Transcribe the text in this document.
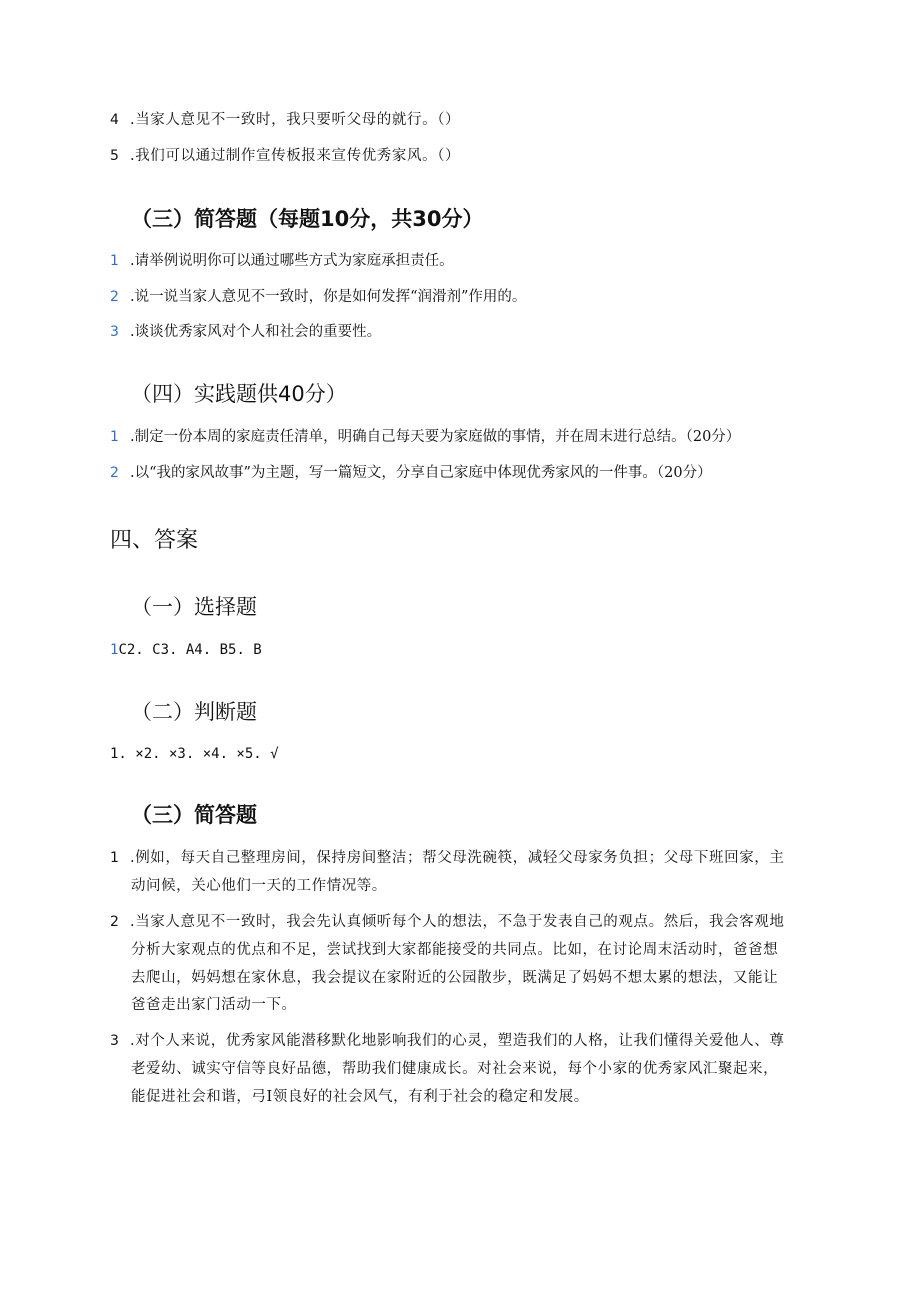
4 .当家人意见不一致时，我只要听父母的就行。（）
5 .我们可以通过制作宣传板报来宣传优秀家风。（）
（三）简答题（每题10分，共30分）
1 .请举例说明你可以通过哪些方式为家庭承担责任。
2 .说一说当家人意见不一致时，你是如何发挥“润滑剂”作用的。
3 .谈谈优秀家风对个人和社会的重要性。
（四）实践题供40分）
1 .制定一份本周的家庭责任清单，明确自己每天要为家庭做的事情，并在周末进行总结。（20分）
2 .以“我的家风故事”为主题，写一篇短文，分享自己家庭中体现优秀家风的一件事。（20分）
四、答案
（一）选择题
1C2. C3. A4. B5. B
（二）判断题
1. ×2. ×3. ×4. ×5. √
（三）简答题
1 .例如，每天自己整理房间，保持房间整洁；帮父母洗碗筷，减轻父母家务负担；父母下班回家，主
动问候，关心他们一天的工作情况等。
2 .当家人意见不一致时，我会先认真倾听每个人的想法，不急于发表自己的观点。然后，我会客观地
分析大家观点的优点和不足，尝试找到大家都能接受的共同点。比如，在讨论周末活动时，爸爸想
去爬山，妈妈想在家休息，我会提议在家附近的公园散步，既满足了妈妈不想太累的想法，又能让
爸爸走出家门活动一下。
3 .对个人来说，优秀家风能潜移默化地影响我们的心灵，塑造我们的人格，让我们懂得关爱他人、尊
老爱幼、诚实守信等良好品德，帮助我们健康成长。对社会来说，每个小家的优秀家风汇聚起来，
能促进社会和谐，弓I领良好的社会风气，有利于社会的稳定和发展。
